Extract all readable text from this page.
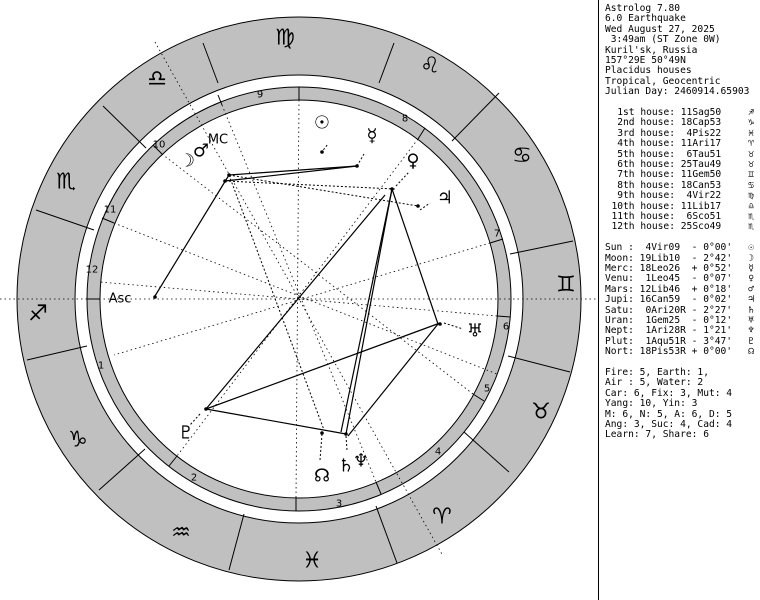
♍
♌
♋
♊
♉
♈
♓
♒
♑
♐
♏
♎
9
8
7
6
5
4
3
2
1
12
11
10
☉
☿
♀
♃
♅
♇
☊ ♄
♆
☽
♂
Asc
MC
Astrolog 7.80
6.0 Earthquake
Wed August 27, 2025
3:49am (ST Zone 0W)
Kuril'sk, Russia
157°29E 50°49N
Placidus houses
Tropical, Geocentric
Julian Day: 2460914.65903
1st house: 11Sag50	♐
2nd house: 18Cap53	♑
3rd house:  4Pis22	♓
4th house: 11Ari17	♈
5th house:  6Tau51	♉
6th house: 25Tau49	♉
7th house: 11Gem50	♊
8th house: 18Can53	♋
9th house:  4Vir22	♍
10th house: 11Lib17	♎
11th house:  6Sco51	♏
12th house: 25Sco49	♏
Sun :  4Vir09  - 0°00' ☉
Moon: 19Lib10  - 2°42' ☽
Merc: 18Leo26  + 0°52' ☿
Venu:  1Leo45  - 0°07' ♀
Mars: 12Lib46  + 0°18' ♂
Jupi: 16Can59  - 0°02' ♃
Satu:  0Ari20R - 2°27' ♄
Uran:  1Gem25  - 0°12' ♅
Nept:  1Ari28R - 1°21' ♆
Plut:  1Aqu51R - 3°47' ♇
Nort: 18Pis53R + 0°00' ☊
Fire: 5, Earth: 1,
Air : 5, Water: 2
Car: 6, Fix: 3, Mut: 4
Yang: 10, Yin: 3
M: 6, N: 5, A: 6, D: 5
Ang: 3, Suc: 4, Cad: 4
Learn: 7, Share: 6
